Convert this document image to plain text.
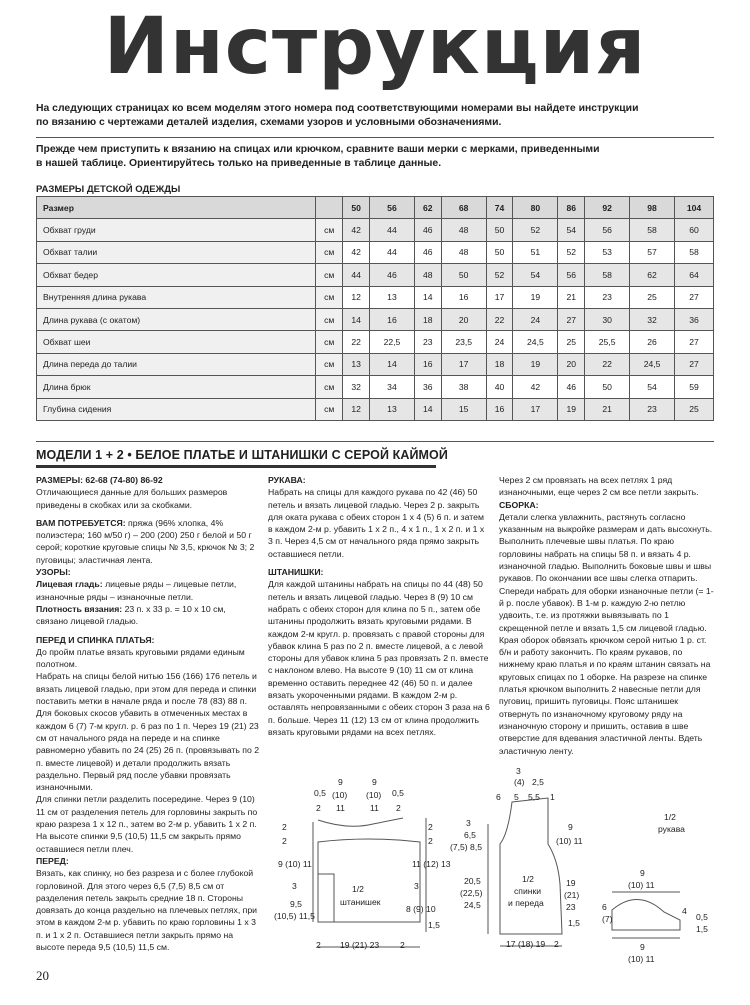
Инструкция
На следующих страницах ко всем моделям этого номера под соответствующими номерами вы найдете инструкции
по вязанию с чертежами деталей изделия, схемами узоров и условными обозначениями.
Прежде чем приступить к вязанию на спицах или крючком, сравните ваши мерки с мерками, приведенными
в нашей таблице. Ориентируйтесь только на приведенные в таблице данные.
РАЗМЕРЫ ДЕТСКОЙ ОДЕЖДЫ
Размер		50	56	62	68	74	80	86	92	98	104
Обхват груди	см	42	44	46	48	50	52	54	56	58	60
Обхват талии	см	42	44	46	48	50	51	52	53	57	58
Обхват бедер	см	44	46	48	50	52	54	56	58	62	64
Внутренняя длина рукава	см	12	13	14	16	17	19	21	23	25	27
Длина рукава (с окатом)	см	14	16	18	20	22	24	27	30	32	36
Обхват шеи	см	22	22,5	23	23,5	24	24,5	25	25,5	26	27
Длина переда до талии	см	13	14	16	17	18	19	20	22	24,5	27
Длина брюк	см	32	34	36	38	40	42	46	50	54	59
Глубина сидения	см	12	13	14	15	16	17	19	21	23	25
МОДЕЛИ 1 + 2 • БЕЛОЕ ПЛАТЬЕ И ШТАНИШКИ С СЕРОЙ КАЙМОЙ

РАЗМЕРЫ: 62-68 (74-80) 86-92

Отличающиеся данные для больших размеров приведены в скобках или за скобками.

ВАМ ПОТРЕБУЕТСЯ: пряжа (96% хлопка, 4% полиэстера; 160 м/50 г) – 200 (200) 250 г белой и 50 г серой; короткие круговые спицы № 3,5, крючок № 3; 2 пуговицы; эластичная лента.

УЗОРЫ:

Лицевая гладь: лицевые ряды – лицевые петли, изнаночные ряды – изнаночные петли.

Плотность вязания: 23 п. х 33 р. = 10 х 10 см, связано лицевой гладью.

ПЕРЕД И СПИНКА ПЛАТЬЯ:

До пройм платье вязать круговыми рядами единым полотном.

Набрать на спицы белой нитью 156 (166) 176 петель и вязать лицевой гладью, при этом для переда и спинки поставить метки в начале ряда и после 78 (83) 88 п. Для боковых скосов убавить в отмеченных местах в каждом 6 (7) 7-м кругл. р. 6 раз по 1 п. Через 19 (21) 23 см от начального ряда на переде и на спинке равномерно убавить по 24 (25) 26 п. (провязывать по 2 п. вместе лицевой) и детали продолжить вязать раздельно. Первый ряд после убавки провязать изнаночными.

Для спинки петли разделить посередине. Через 9 (10) 11 см от разделения петель для горловины закрыть по краю разреза 1 х 12 п., затем во 2-м р. убавить 1 х 2 п. На высоте спинки 9,5 (10,5) 11,5 см закрыть прямо оставшиеся петли плеч.

ПЕРЕД:

Вязать, как спинку, но без разреза и с более глубокой горловиной. Для этого через 6,5 (7,5) 8,5 см от разделения петель закрыть средние 18 п. Стороны довязать до конца раздельно на плечевых петлях, при этом в каждом 2-м р. убавить по краю горловины 1 х 3 п. и 1 х 2 п. Оставшиеся петли закрыть прямо на высоте переда 9,5 (10,5) 11,5 см.

РУКАВА:

Набрать на спицы для каждого рукава по 42 (46) 50 петель и вязать лицевой гладью. Через 2 р. закрыть для оката рукава с обеих сторон 1 х 4 (5) 6 п. и затем в каждом 2-м р. убавить 1 х 2 п., 4 х 1 п., 1 х 2 п. и 1 х 3 п. Через 4,5 см от начального ряда прямо закрыть оставшиеся петли.

ШТАНИШКИ:

Для каждой штанины набрать на спицы по 44 (48) 50 петель и вязать лицевой гладью. Через 8 (9) 10 см набрать с обеих сторон для клина по 5 п., затем обе штанины продолжить вязать круговыми рядами. В каждом 2-м кругл. р. провязать с правой стороны для убавок клина 5 раз по 2 п. вместе лицевой, а с левой стороны для убавок клина 5 раз провязать 2 п. вместе с наклоном влево. На высоте 9 (10) 11 см от клина временно оставить переднее 42 (46) 50 п. и далее вязать укороченными рядами. В каждом 2-м р. оставлять непровязанными с обеих сторон 3 раза на 6 п. больше. Через 11 (12) 13 см от клина продолжить вязать круговыми рядами на всех петлях.

Через 2 см провязать на всех петлях 1 ряд изнаночными, еще через 2 см все петли закрыть.

СБОРКА:

Детали слегка увлажнить, растянуть согласно указанным на выкройке размерам и дать высохнуть. Выполнить плечевые швы платья. По краю горловины набрать на спицы 58 п. и вязать 4 р. изнаночной гладью. Выполнить боковые швы и швы рукавов. По окончании все швы слегка отпарить. Спереди набрать для оборки изнаночные петли (= 1-й р. после убавок). В 1-м р. каждую 2-ю петлю удвоить, т.е. из протяжки вывязывать по 1 скрещенной петле и вязать 1,5 см лицевой гладью. Края оборок обвязать крючком серой нитью 1 р. ст. б/н и работу закончить. По краям рукавов, по нижнему краю платья и по краям штанин связать на круговых спицах по 1 оборке. На разрезе на спинке платья крючком выполнить 2 навесные петли для пуговиц, пришить пуговицы. Пояс штанишек отвернуть по изнаночному круговому ряду на изнаночную сторону и пришить, оставив в шве отверстие для вдевания эластичной ленты. Вдеть эластичную ленту.

0,5
2
9
(10)
11
9
(10)
11
0,5
2
2
2
9 (10) 11
3
9,5
(10,5) 11,5
1/2
штанишек
2
2
11 (12) 13
3
8 (9) 10
1,5
2 19 (21) 23 2
3
(4) 2,5
6 5 5,5 1
3
6,5
(7,5) 8,5
9
(10) 11
20,5
(22,5)
24,5
1/2
спинки
и переда
19
(21)
23
1,5
17 (18) 19 2
1/2
рукава
9
(10) 11
6
(7)
4
0,5
1,5
9
(10) 11
20
